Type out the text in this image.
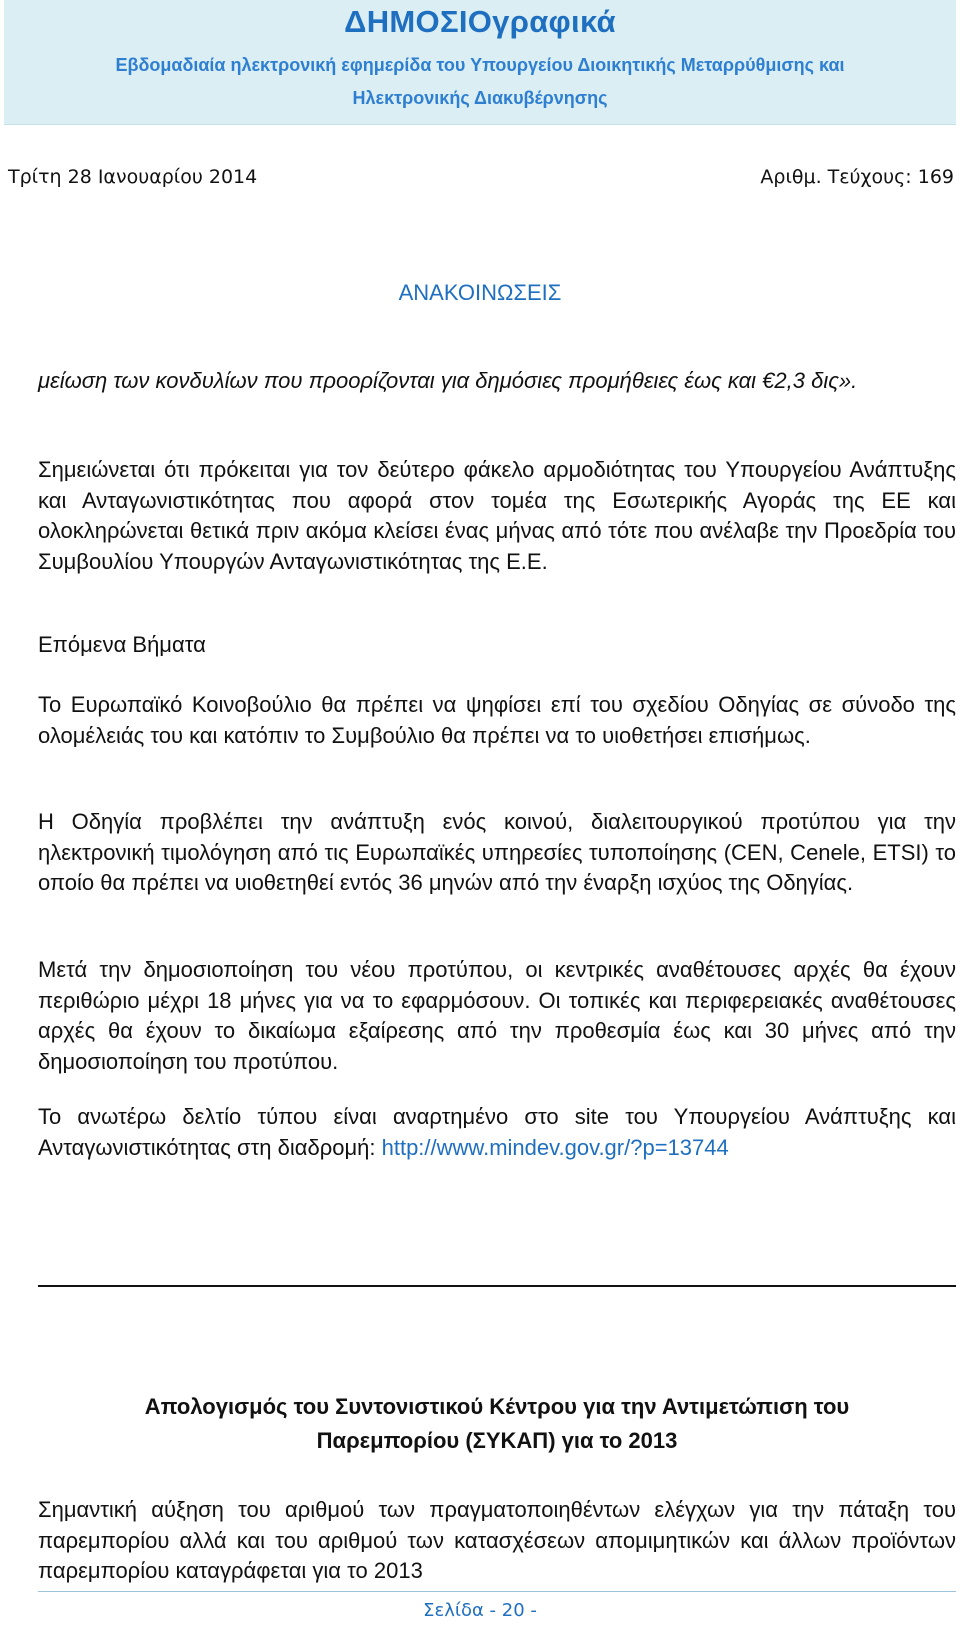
ΔΗΜΟΣΙΟγραφικά
Εβδομαδιαία ηλεκτρονική εφημερίδα του Υπουργείου Διοικητικής Μεταρρύθμισης και
Ηλεκτρονικής Διακυβέρνησης
Τρίτη 28 Ιανουαρίου 2014	Αριθμ. Τεύχους: 169
ΑΝΑΚΟΙΝΩΣΕΙΣ
μείωση των κονδυλίων που προορίζονται για δημόσιες προμήθειες έως και €2,3 δις».
Σημειώνεται ότι πρόκειται για τον δεύτερο φάκελο αρμοδιότητας του Υπουργείου Ανάπτυξης και Ανταγωνιστικότητας που αφορά στον τομέα της Εσωτερικής Αγοράς της ΕΕ και ολοκληρώνεται θετικά πριν ακόμα κλείσει ένας μήνας από τότε που ανέλαβε την Προεδρία του Συμβουλίου Υπουργών Ανταγωνιστικότητας της Ε.Ε.
Επόμενα Βήματα
Το Ευρωπαϊκό Κοινοβούλιο θα πρέπει να ψηφίσει επί του σχεδίου Οδηγίας σε σύνοδο της ολομέλειάς του και κατόπιν το Συμβούλιο θα πρέπει να το υιοθετήσει επισήμως.
Η Οδηγία προβλέπει την ανάπτυξη ενός κοινού, διαλειτουργικού προτύπου για την ηλεκτρονική τιμολόγηση από τις Ευρωπαϊκές υπηρεσίες τυποποίησης (CEN, Cenele, ETSI) το οποίο θα πρέπει να υιοθετηθεί εντός 36 μηνών από την έναρξη ισχύος της Οδηγίας.
Μετά την δημοσιοποίηση του νέου προτύπου, οι κεντρικές αναθέτουσες αρχές θα έχουν περιθώριο μέχρι 18 μήνες για να το εφαρμόσουν. Οι τοπικές και περιφερειακές αναθέτουσες αρχές θα έχουν το δικαίωμα εξαίρεσης από την προθεσμία έως και 30 μήνες από την δημοσιοποίηση του προτύπου.
Το ανωτέρω δελτίο τύπου είναι αναρτημένο στο site του Υπουργείου Ανάπτυξης και Ανταγωνιστικότητας στη διαδρομή: http://www.mindev.gov.gr/?p=13744
Απολογισμός του Συντονιστικού Κέντρου για την Αντιμετώπιση του
Παρεμπορίου (ΣΥΚΑΠ) για το 2013
Σημαντική αύξηση του αριθμού των πραγματοποιηθέντων ελέγχων για την πάταξη του παρεμπορίου αλλά και του αριθμού των κατασχέσεων απομιμητικών και άλλων προϊόντων παρεμπορίου καταγράφεται για το 2013
Σελίδα - 20 -
